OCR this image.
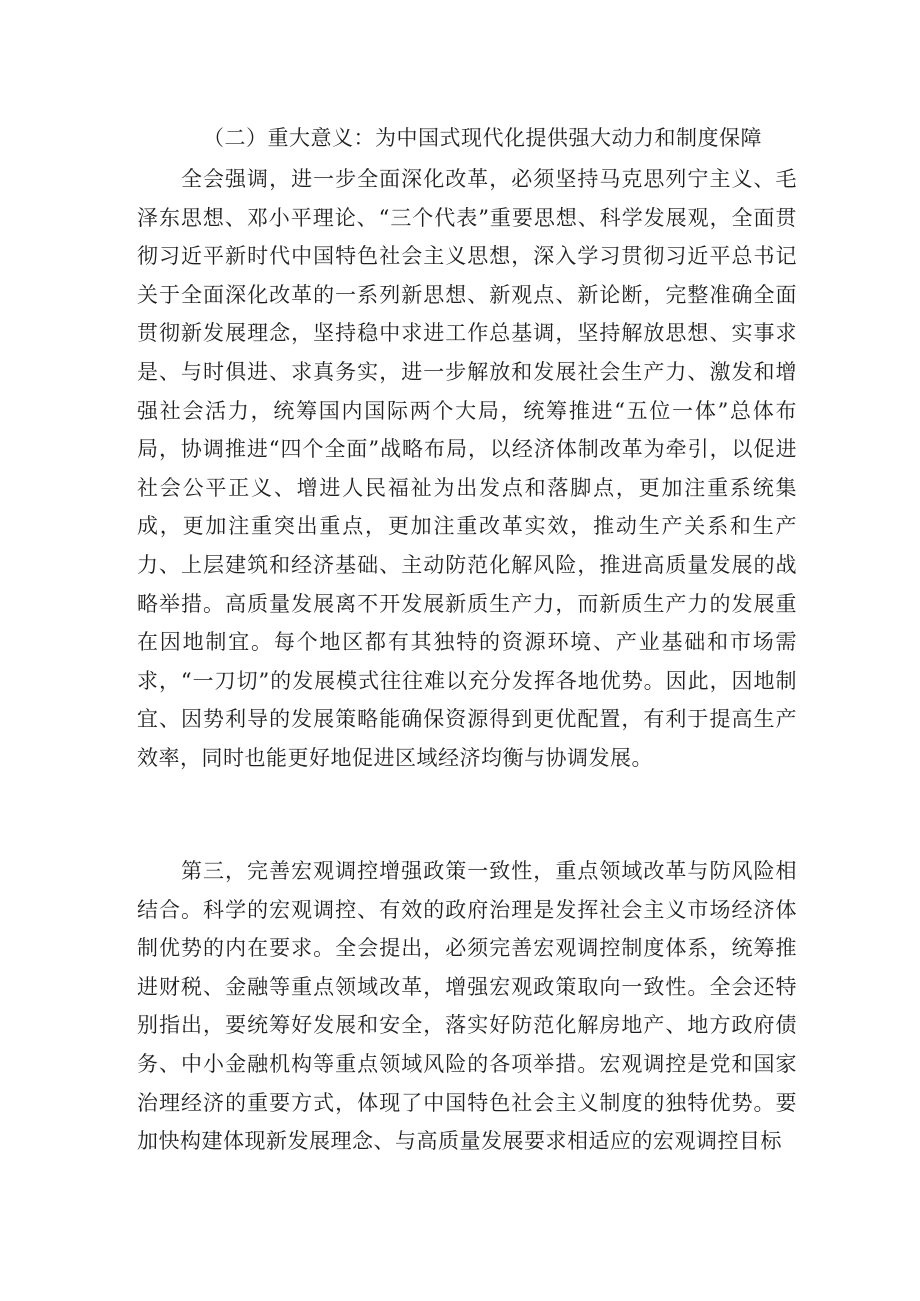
（二）重大意义：为中国式现代化提供强大动力和制度保障

全会强调，进一步全面深化改革，必须坚持马克思列宁主义、毛泽东思想、邓小平理论、“三个代表”重要思想、科学发展观，全面贯彻习近平新时代中国特色社会主义思想，深入学习贯彻习近平总书记关于全面深化改革的一系列新思想、新观点、新论断，完整准确全面贯彻新发展理念，坚持稳中求进工作总基调，坚持解放思想、实事求是、与时俱进、求真务实，进一步解放和发展社会生产力、激发和增强社会活力，统筹国内国际两个大局，统筹推进“五位一体”总体布局，协调推进“四个全面”战略布局，以经济体制改革为牵引，以促进社会公平正义、增进人民福祉为出发点和落脚点，更加注重系统集成，更加注重突出重点，更加注重改革实效，推动生产关系和生产力、上层建筑和经济基础、主动防范化解风险，推进高质量发展的战略举措。高质量发展离不开发展新质生产力，而新质生产力的发展重在因地制宜。每个地区都有其独特的资源环境、产业基础和市场需求，“一刀切”的发展模式往往难以充分发挥各地优势。因此，因地制宜、因势利导的发展策略能确保资源得到更优配置，有利于提高生产效率，同时也能更好地促进区域经济均衡与协调发展。

第三，完善宏观调控增强政策一致性，重点领域改革与防风险相结合。科学的宏观调控、有效的政府治理是发挥社会主义市场经济体制优势的内在要求。全会提出，必须完善宏观调控制度体系，统筹推进财税、金融等重点领域改革，增强宏观政策取向一致性。全会还特别指出，要统筹好发展和安全，落实好防范化解房地产、地方政府债务、中小金融机构等重点领域风险的各项举措。宏观调控是党和国家治理经济的重要方式，体现了中国特色社会主义制度的独特优势。要加快构建体现新发展理念、与高质量发展要求相适应的宏观调控目标
